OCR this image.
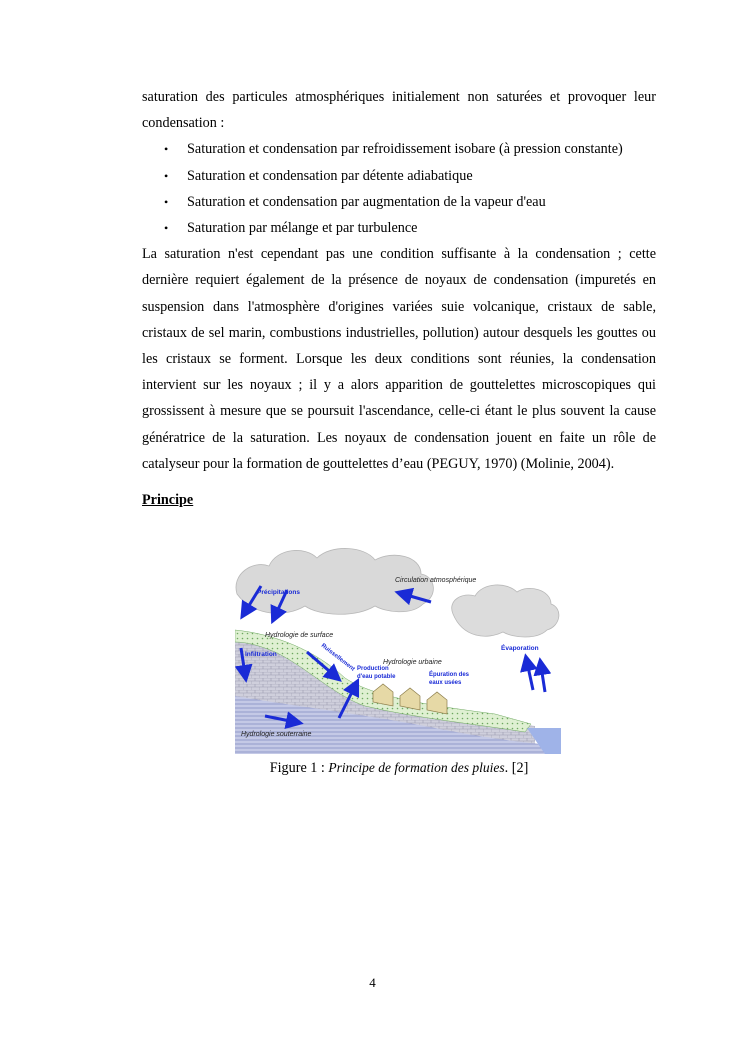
saturation des particules atmosphériques initialement non saturées et provoquer leur condensation :

• Saturation et condensation par refroidissement isobare (à pression constante)
• Saturation et condensation par détente adiabatique
• Saturation et condensation par augmentation de la vapeur d'eau
• Saturation par mélange et par turbulence

La saturation n'est cependant pas une condition suffisante à la condensation ; cette dernière requiert également de la présence de noyaux de condensation (impuretés en suspension dans l'atmosphère d'origines variées suie volcanique, cristaux de sable, cristaux de sel marin, combustions industrielles, pollution) autour desquels les gouttes ou les cristaux se forment. Lorsque les deux conditions sont réunies, la condensation intervient sur les noyaux ; il y a alors apparition de gouttelettes microscopiques qui grossissent à mesure que se poursuit l'ascendance, celle-ci étant le plus souvent la cause génératrice de la saturation. Les noyaux de condensation jouent en faite un rôle de catalyseur pour la formation de gouttelettes d’eau (PEGUY, 1970) (Molinie, 2004).

Principe
Précipitations
Circulation atmosphérique
Hydrologie de surface
Infiltration	Ruissellement	Hydrologie urbaine
Évaporation
Production
d'eau potable	Épuration des
eaux usées
Hydrologie souterraine
Figure 1 : Principe de formation des pluies. [2]
4
